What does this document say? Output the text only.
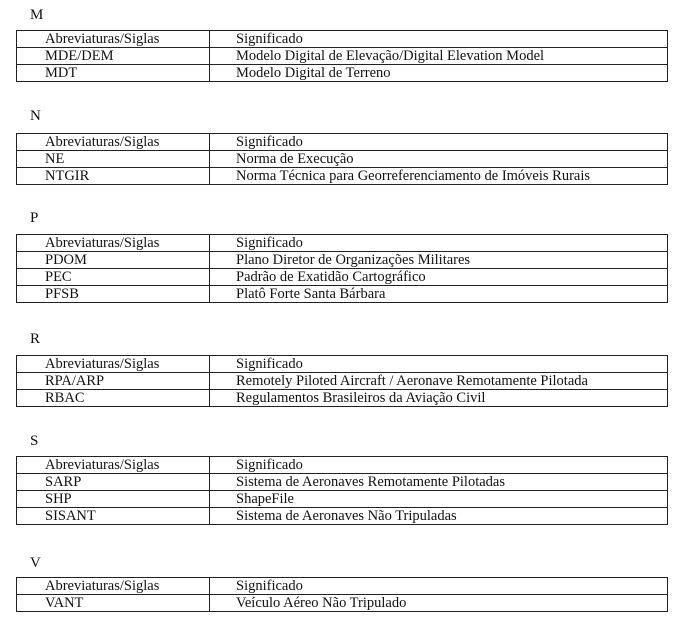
M
Abreviaturas/Siglas	Significado
MDE/DEM	Modelo Digital de Elevação/Digital Elevation Model
MDT	Modelo Digital de Terreno
N
Abreviaturas/Siglas	Significado
NE	Norma de Execução
NTGIR	Norma Técnica para Georreferenciamento de Imóveis Rurais
P
Abreviaturas/Siglas	Significado
PDOM	Plano Diretor de Organizações Militares
PEC	Padrão de Exatidão Cartográfico
PFSB	Platô Forte Santa Bárbara
R
Abreviaturas/Siglas	Significado
RPA/ARP	Remotely Piloted Aircraft / Aeronave Remotamente Pilotada
RBAC	Regulamentos Brasileiros da Aviação Civil
S
Abreviaturas/Siglas	Significado
SARP	Sistema de Aeronaves Remotamente Pilotadas
SHP	ShapeFile
SISANT	Sistema de Aeronaves Não Tripuladas
V
Abreviaturas/Siglas	Significado
VANT	Veículo Aéreo Não Tripulado
